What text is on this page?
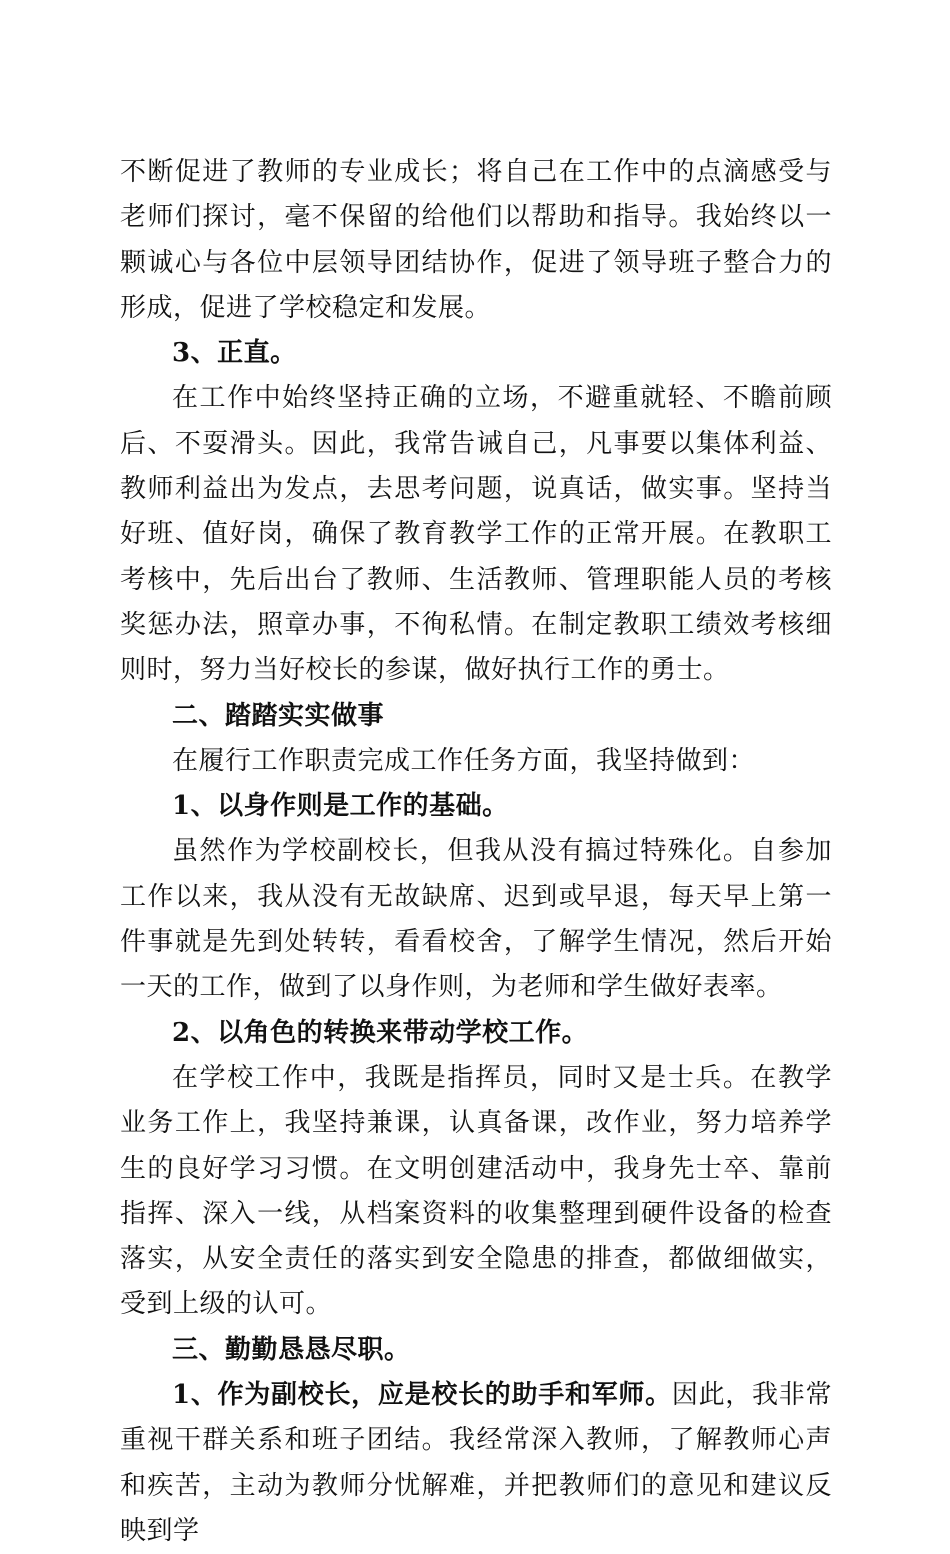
不断促进了教师的专业成长；将自己在工作中的点滴感受与老师们探讨，毫不保留的给他们以帮助和指导。我始终以一颗诚心与各位中层领导团结协作，促进了领导班子整合力的形成，促进了学校稳定和发展。

3、正直。

在工作中始终坚持正确的立场，不避重就轻、不瞻前顾后、不耍滑头。因此，我常告诫自己，凡事要以集体利益、教师利益出为发点，去思考问题，说真话，做实事。坚持当好班、值好岗，确保了教育教学工作的正常开展。在教职工考核中，先后出台了教师、生活教师、管理职能人员的考核奖惩办法，照章办事，不徇私情。在制定教职工绩效考核细则时，努力当好校长的参谋，做好执行工作的勇士。

二、踏踏实实做事

在履行工作职责完成工作任务方面，我坚持做到：

1、以身作则是工作的基础。

虽然作为学校副校长，但我从没有搞过特殊化。自参加工作以来，我从没有无故缺席、迟到或早退，每天早上第一件事就是先到处转转，看看校舍，了解学生情况，然后开始一天的工作，做到了以身作则，为老师和学生做好表率。

2、以角色的转换来带动学校工作。

在学校工作中，我既是指挥员，同时又是士兵。在教学业务工作上，我坚持兼课，认真备课，改作业，努力培养学生的良好学习习惯。在文明创建活动中，我身先士卒、靠前指挥、深入一线，从档案资料的收集整理到硬件设备的检查落实，从安全责任的落实到安全隐患的排查，都做细做实，受到上级的认可。

三、勤勤恳恳尽职。

1、作为副校长，应是校长的助手和军师。因此，我非常重视干群关系和班子团结。我经常深入教师，了解教师心声和疾苦，主动为教师分忧解难，并把教师们的意见和建议反映到学
